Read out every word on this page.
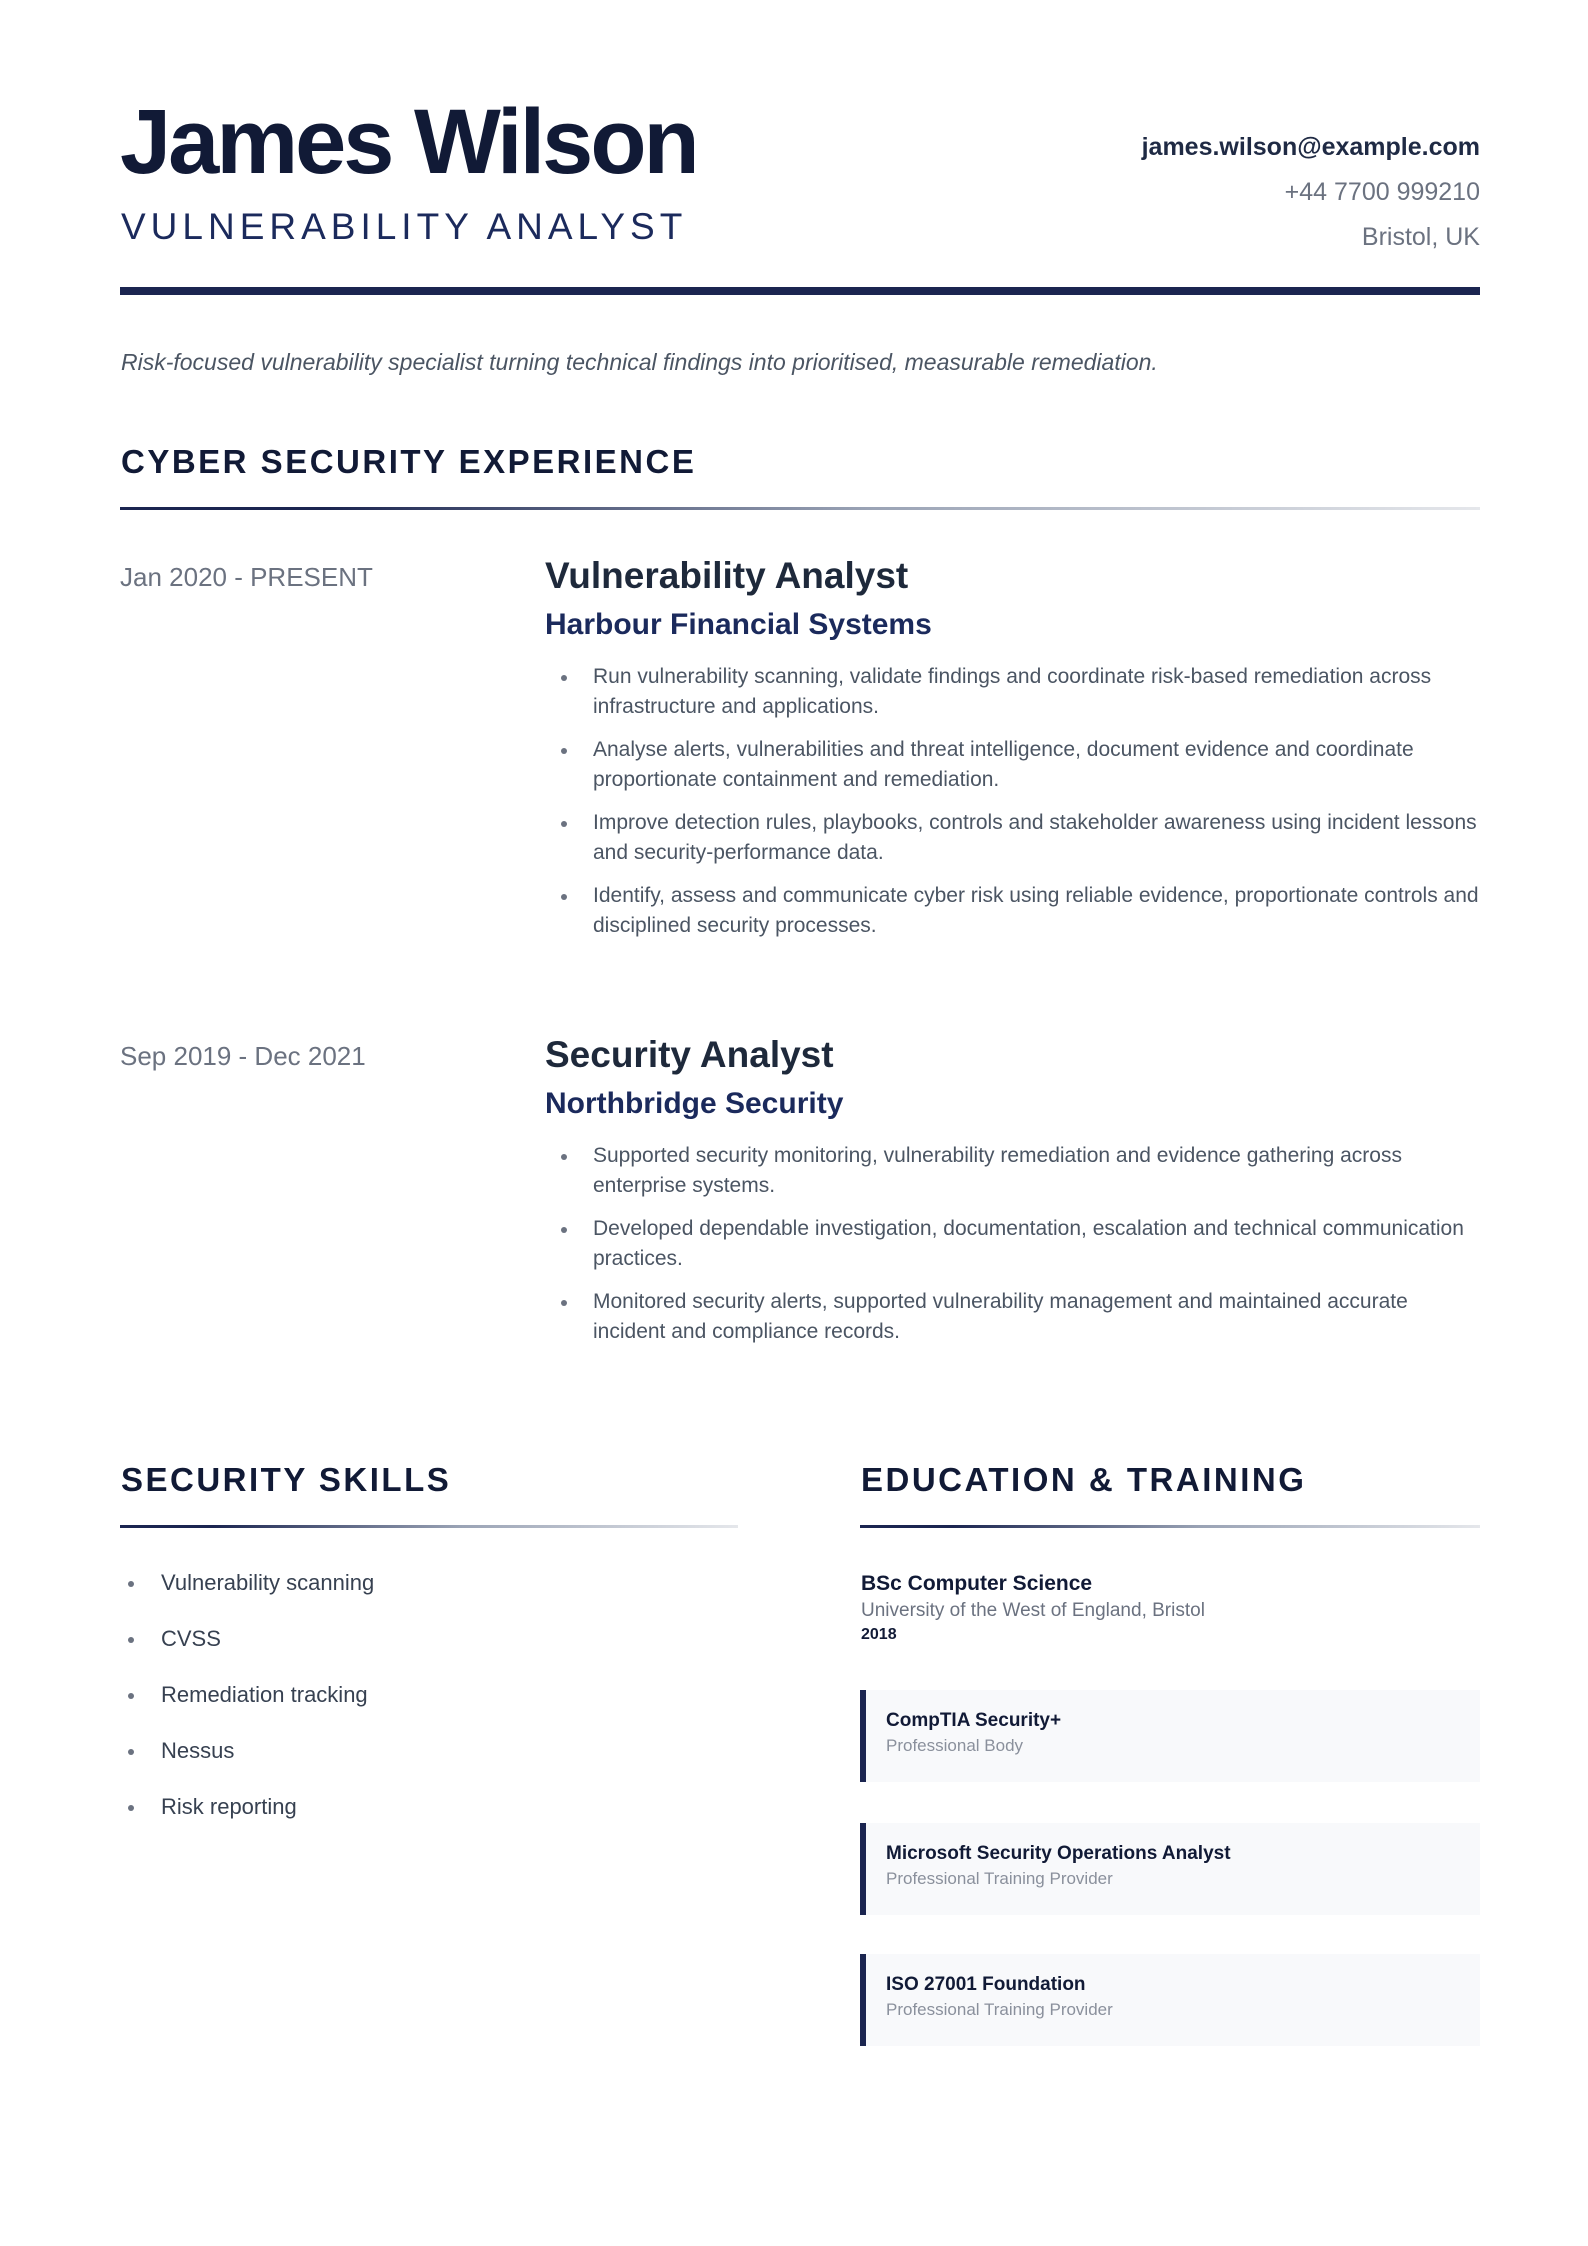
James Wilson
VULNERABILITY ANALYST
james.wilson@example.com
+44 7700 999210
Bristol, UK

Risk-focused vulnerability specialist turning technical findings into prioritised, measurable remediation.

CYBER SECURITY EXPERIENCE
Jan 2020 - PRESENT	Vulnerability Analyst
Harbour Financial Systems
Run vulnerability scanning, validate findings and coordinate risk-based remediation across infrastructure and applications.
Analyse alerts, vulnerabilities and threat intelligence, document evidence and coordinate proportionate containment and remediation.
Improve detection rules, playbooks, controls and stakeholder awareness using incident lessons and security-performance data.
Identify, assess and communicate cyber risk using reliable evidence, proportionate controls and disciplined security processes.
Sep 2019 - Dec 2021	Security Analyst
Northbridge Security
Supported security monitoring, vulnerability remediation and evidence gathering across enterprise systems.
Developed dependable investigation, documentation, escalation and technical communication practices.
Monitored security alerts, supported vulnerability management and maintained accurate incident and compliance records.
SECURITY SKILLS
Vulnerability scanning
CVSS
Remediation tracking
Nessus
Risk reporting
EDUCATION & TRAINING
BSc Computer Science
University of the West of England, Bristol
2018
CompTIA Security+
Professional Body
Microsoft Security Operations Analyst
Professional Training Provider
ISO 27001 Foundation
Professional Training Provider
